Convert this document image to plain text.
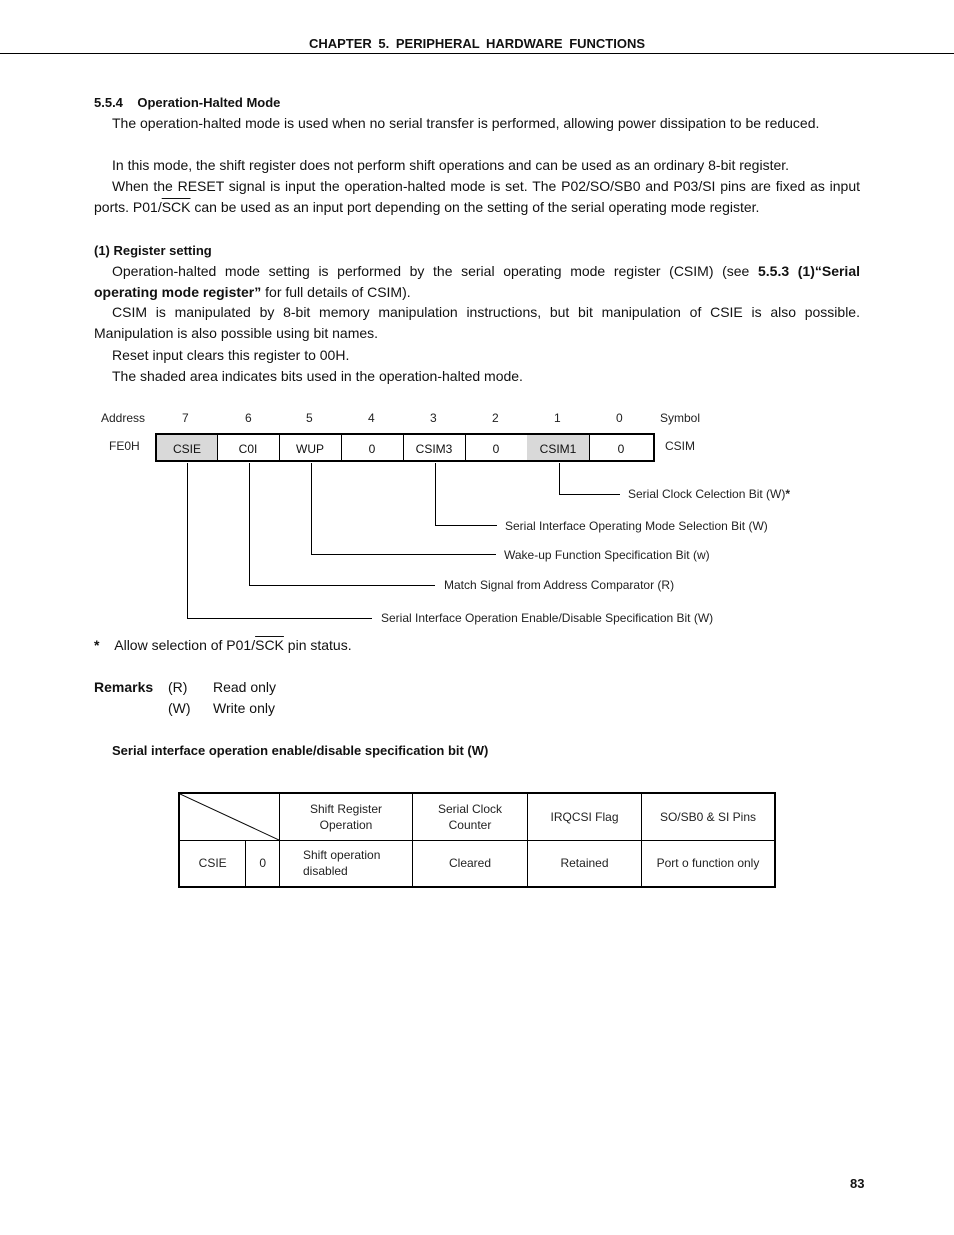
CHAPTER 5. PERIPHERAL HARDWARE FUNCTIONS
5.5.4 Operation-Halted Mode
The operation-halted mode is used when no serial transfer is performed, allowing power dissipation to be reduced.
In this mode, the shift register does not perform shift operations and can be used as an ordinary 8-bit register.
When the RESET signal is input the operation-halted mode is set. The P02/SO/SB0 and P03/SI pins are fixed as input ports. $P01/\overline{SCK}$ can be used as an input port depending on the setting of the serial operating mode register.
(1) Register setting
Operation-halted mode setting is performed by the serial operating mode register (CSIM) (see 5.5.3 (1)“Serial operating mode register” for full details of CSIM).
CSIM is manipulated by 8-bit memory manipulation instructions, but bit manipulation of CSIE is also possible. Manipulation is also possible using bit names.
Reset input clears this register to 00H.
The shaded area indicates bits used in the operation-halted mode.
Address	Symbol
FE0H	CSIM
7	6	5	4	3	2	1	0
CSIE	C0I	WUP	0	CSIM3	0	CSIM1	0
Serial Clock Celection Bit (W)*
Serial Interface Operating Mode Selection Bit (W)
Wake-up Function Specification Bit (w)
Match Signal from Address Comparator (R)
Serial Interface Operation Enable/Disable Specification Bit (W)
* Allow selection of $P01/\overline{SCK}$ pin status.
Remarks (R) Read only
(W) Write only
Serial interface operation enable/disable specification bit (W)
	Shift Register Operation	Serial Clock Counter	IRQCSI Flag	SO/SB0 & SI Pins
CSIE	0	Shift operation disabled	Cleared	Retained	Port o function only
83
